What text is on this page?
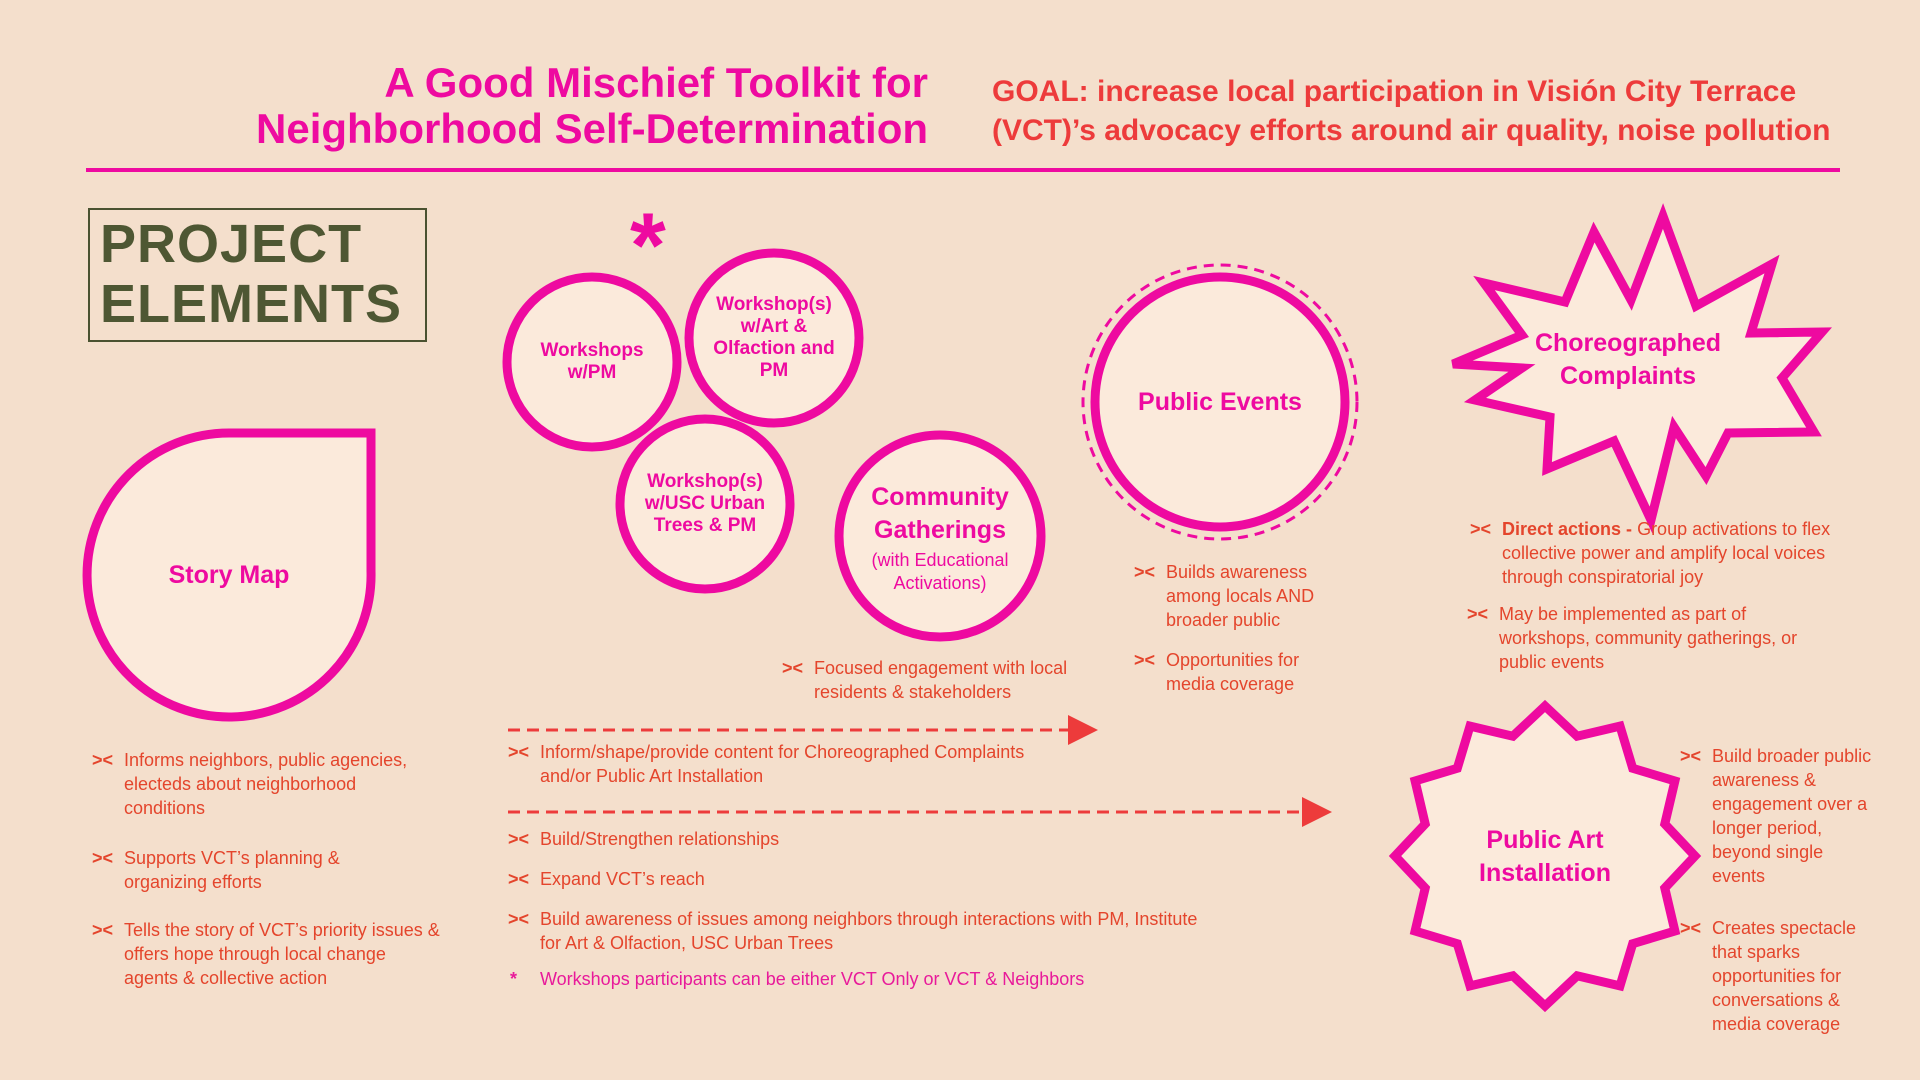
A Good Mischief Toolkit for
Neighborhood Self-Determination
GOAL: increase local participation in Visión City Terrace
(VCT)’s advocacy efforts around air quality, noise pollution
PROJECT
ELEMENTS
*
Story Map
Workshops w/PM
Workshop(s) w/Art & Olfaction and PM
Workshop(s) w/USC Urban Trees & PM
Community Gatherings
(with Educational Activations)
Public Events
Choreographed Complaints
Public Art Installation
>< Informs neighbors, public agencies, electeds about neighborhood conditions
>< Supports VCT’s planning & organizing efforts
>< Tells the story of VCT’s priority issues & offers hope through local change agents & collective action
>< Focused engagement with local residents & stakeholders
>< Builds awareness among locals AND broader public
>< Opportunities for media coverage
>< Direct actions - Group activations to flex collective power and amplify local voices through conspiratorial joy
>< May be implemented as part of workshops, community gatherings, or public events
>< Inform/shape/provide content for Choreographed Complaints and/or Public Art Installation
>< Build/Strengthen relationships
>< Expand VCT’s reach
>< Build awareness of issues among neighbors through interactions with PM, Institute for Art & Olfaction, USC Urban Trees
* Workshops participants can be either VCT Only or VCT & Neighbors
>< Build broader public awareness & engagement over a longer period, beyond single events
>< Creates spectacle that sparks opportunities for conversations & media coverage
